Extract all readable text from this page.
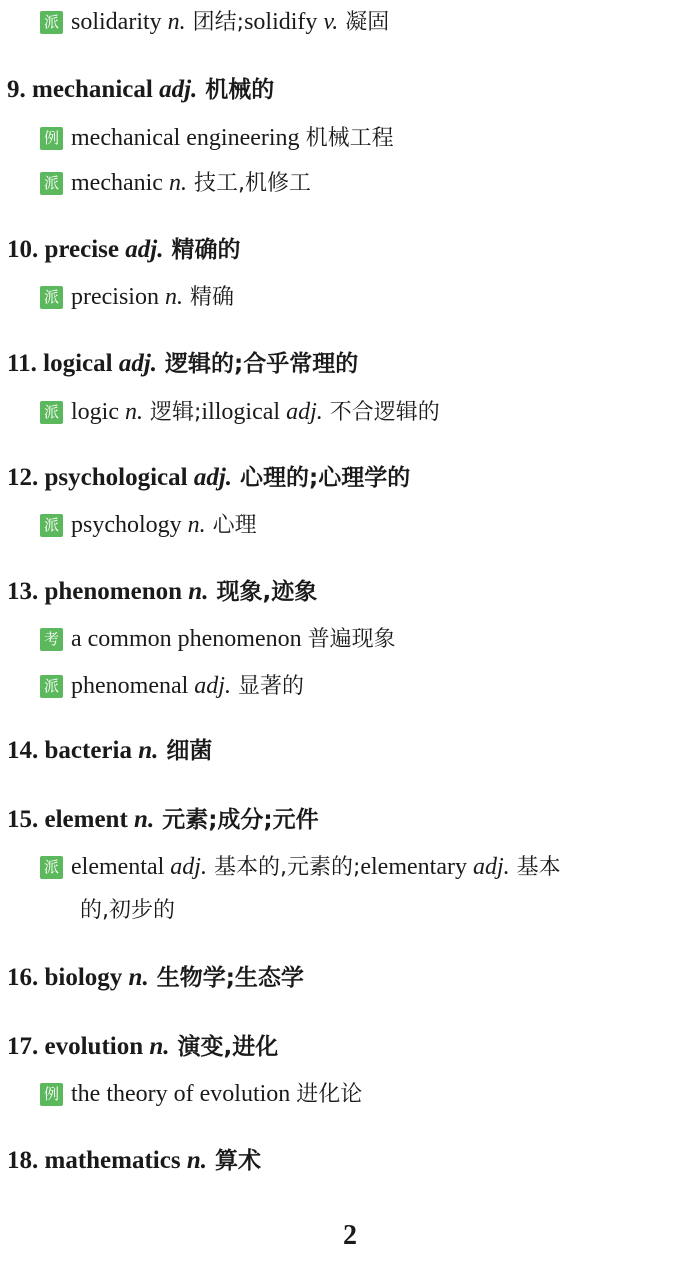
派 solidarity n. 团结;solidify v. 凝固
9. mechanical adj. 机械的
例 mechanical engineering 机械工程
派 mechanic n. 技工,机修工
10. precise adj. 精确的
派 precision n. 精确
11. logical adj. 逻辑的;合乎常理的
派 logic n. 逻辑;illogical adj. 不合逻辑的
12. psychological adj. 心理的;心理学的
派 psychology n. 心理
13. phenomenon n. 现象,迹象
考 a common phenomenon 普遍现象
派 phenomenal adj. 显著的
14. bacteria n. 细菌
15. element n. 元素;成分;元件
派 elemental adj. 基本的,元素的;elementary adj. 基本
的,初步的
16. biology n. 生物学;生态学
17. evolution n. 演变,进化
例 the theory of evolution 进化论
18. mathematics n. 算术
2
